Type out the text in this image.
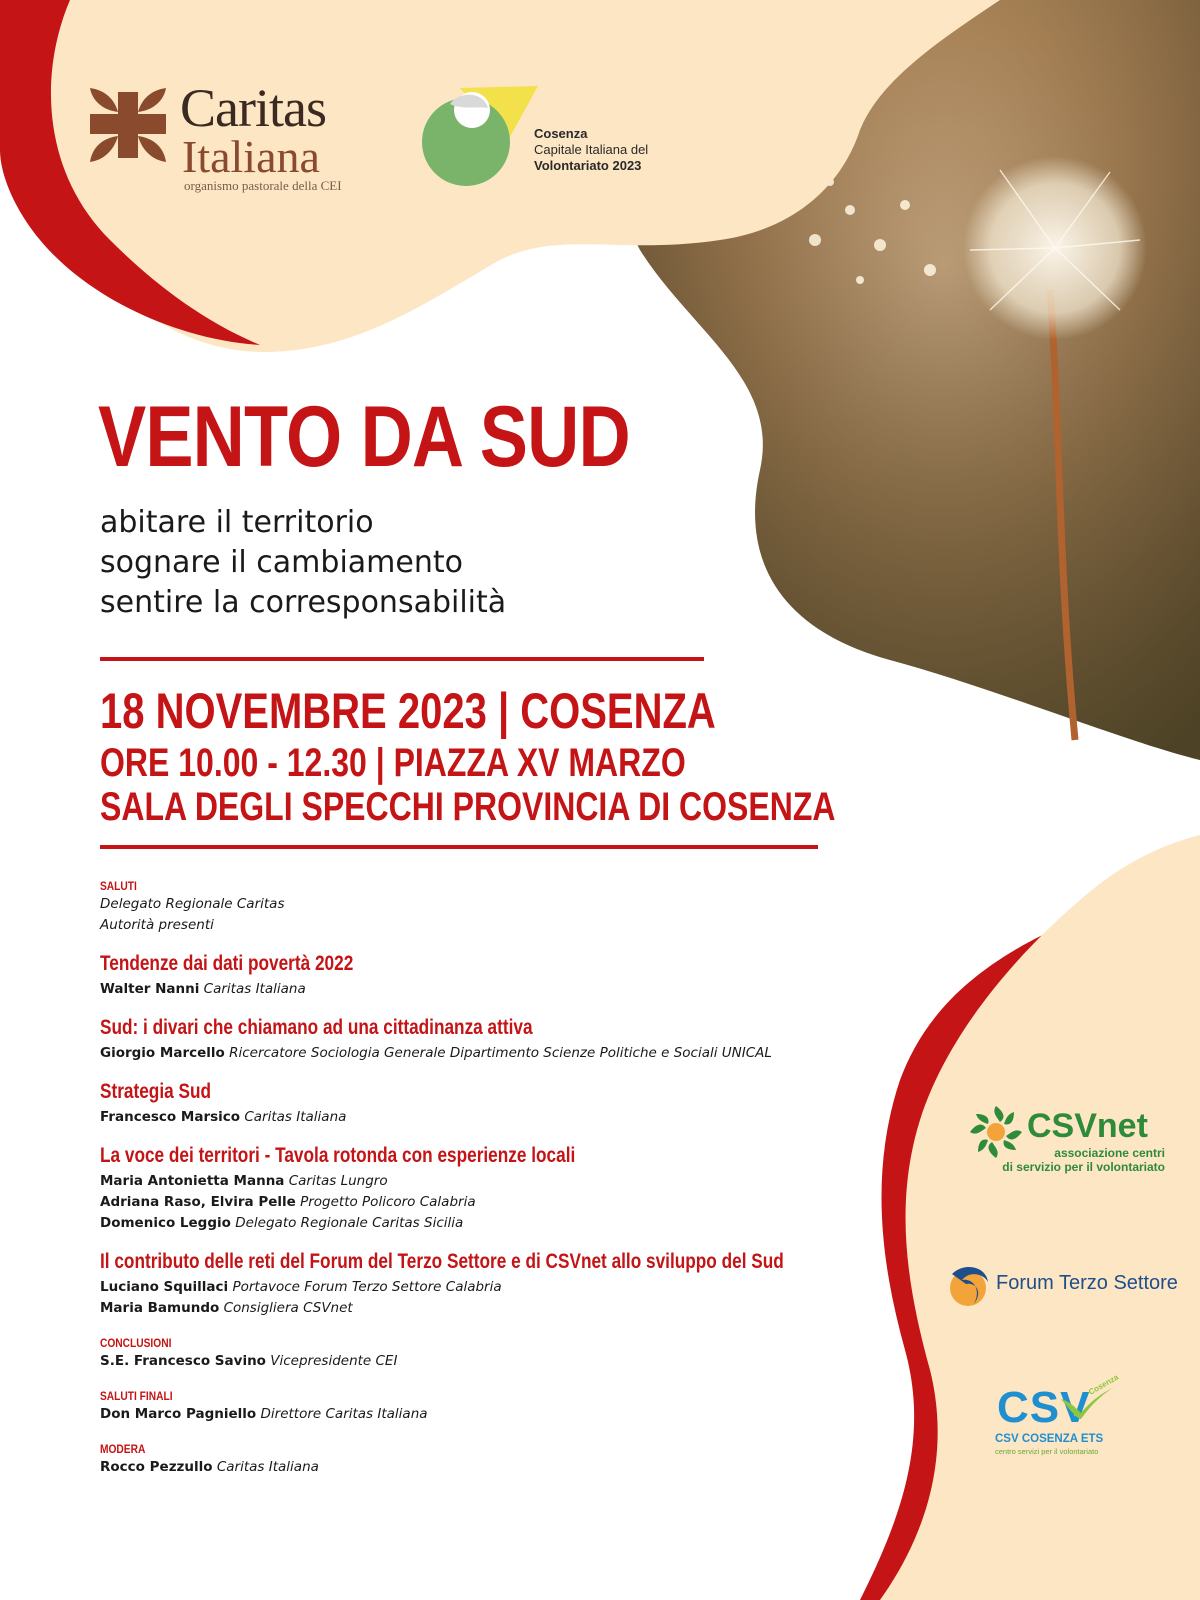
Caritas
Italiana
organismo pastorale della CEI
Cosenza
Capitale Italiana del
Volontariato 2023
VENTO DA SUD
abitare il territorio
sognare il cambiamento
sentire la corresponsabilità
18 NOVEMBRE 2023 | COSENZA
ORE 10.00 - 12.30 | PIAZZA XV MARZO
SALA DEGLI SPECCHI PROVINCIA DI COSENZA
SALUTI
Delegato Regionale Caritas
Autorità presenti
Tendenze dai dati povertà 2022
Walter Nanni Caritas Italiana
Sud: i divari che chiamano ad una cittadinanza attiva
Giorgio Marcello Ricercatore Sociologia Generale Dipartimento Scienze Politiche e Sociali UNICAL
Strategia Sud
Francesco Marsico Caritas Italiana
La voce dei territori - Tavola rotonda con esperienze locali
Maria Antonietta Manna Caritas Lungro
Adriana Raso, Elvira Pelle Progetto Policoro Calabria
Domenico Leggio Delegato Regionale Caritas Sicilia
Il contributo delle reti del Forum del Terzo Settore e di CSVnet allo sviluppo del Sud
Luciano Squillaci Portavoce Forum Terzo Settore Calabria
Maria Bamundo Consigliera CSVnet
CONCLUSIONI
S.E. Francesco Savino Vicepresidente CEI
SALUTI FINALI
Don Marco Pagniello Direttore Caritas Italiana
MODERA
Rocco Pezzullo Caritas Italiana
CSVnet
associazione centri
di servizio per il volontariato
Forum Terzo Settore
CSV
Cosenza
CSV COSENZA ETS
centro servizi per il volontariato
